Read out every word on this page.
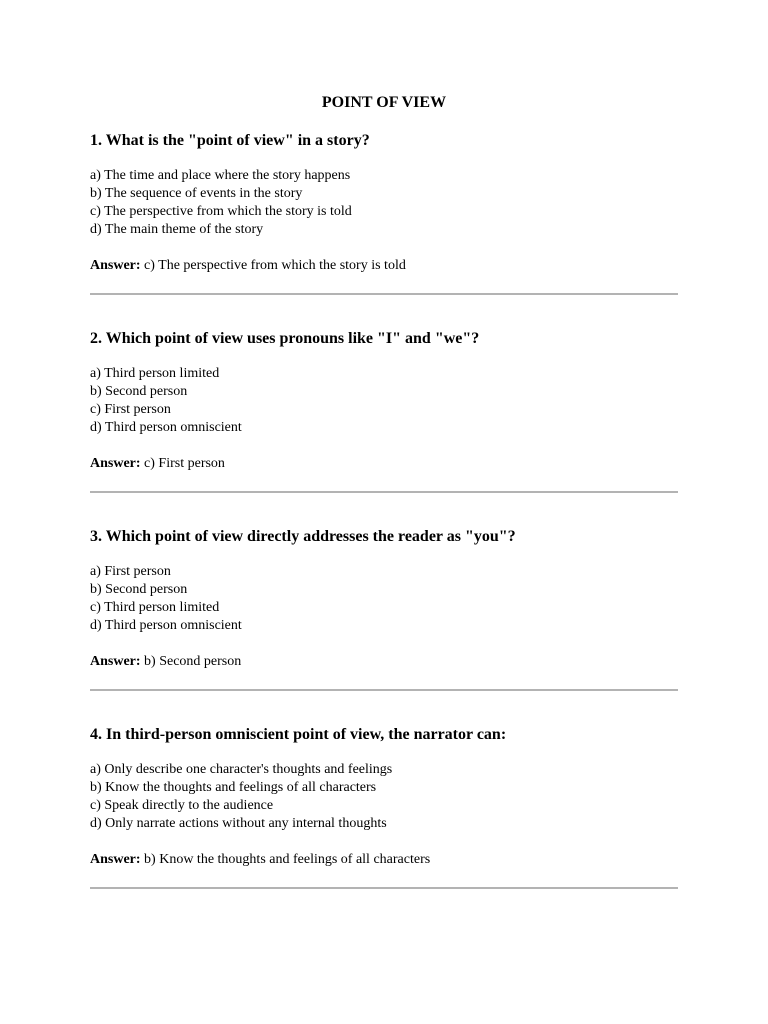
POINT OF VIEW
1. What is the "point of view" in a story?
a) The time and place where the story happens
b) The sequence of events in the story
c) The perspective from which the story is told
d) The main theme of the story
Answer: c) The perspective from which the story is told
2. Which point of view uses pronouns like "I" and "we"?
a) Third person limited
b) Second person
c) First person
d) Third person omniscient
Answer: c) First person
3. Which point of view directly addresses the reader as "you"?
a) First person
b) Second person
c) Third person limited
d) Third person omniscient
Answer: b) Second person
4. In third-person omniscient point of view, the narrator can:
a) Only describe one character's thoughts and feelings
b) Know the thoughts and feelings of all characters
c) Speak directly to the audience
d) Only narrate actions without any internal thoughts
Answer: b) Know the thoughts and feelings of all characters
